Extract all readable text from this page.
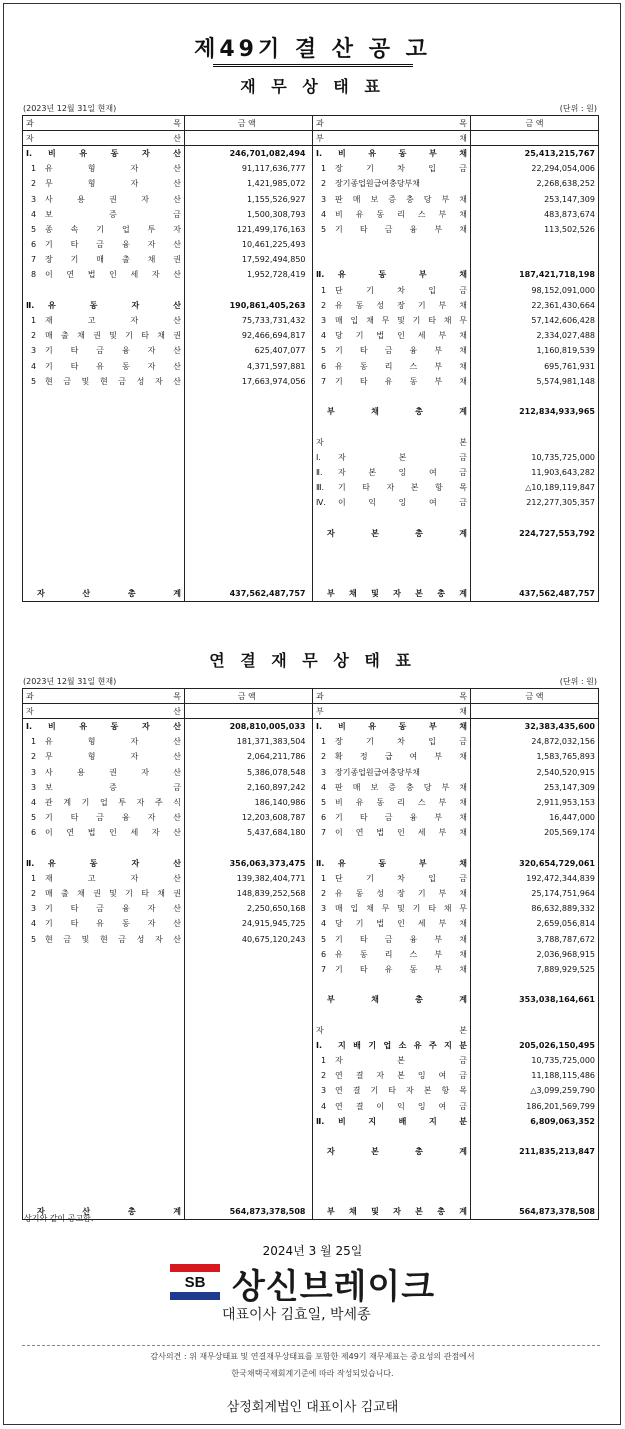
제49기 결 산 공 고
재 무 상 태 표
(2023년 12월 31일 현재)	(단위 : 원)
과 목	금 액		과 목	금 액
자 산			부 채	

Ⅰ. 비 유 동 자 산	246,701,082,494		Ⅰ. 비 유 동 부 채	25,413,215,767
1 유 형 자 산	91,117,636,777		1 장 기 차 입 금	22,294,054,006
2 무 형 자 산	1,421,985,072		2 장기종업원급여충당부채	2,268,638,252
3 사 용 권 자 산	1,155,526,927		3 판 매 보 증 충 당 부 채	253,147,309
4 보 증 금	1,500,308,793		4 비 유 동 리 스 부 채	483,873,674
5 종 속 기 업 투 자	121,499,176,163		5 기 타 금 융 부 채	113,502,526
6 기 타 금 융 자 산	10,461,225,493			
7 장 기 매 출 채 권	17,592,494,850			
8 이 연 법 인 세 자 산	1,952,728,419		Ⅱ. 유 동 부 채	187,421,718,198
			1 단 기 차 입 금	98,152,091,000
Ⅱ. 유 동 자 산	190,861,405,263		2 유 동 성 장 기 부 채	22,361,430,664
1 재 고 자 산	75,733,731,432		3 매 입 채 무 및 기 타 채 무	57,142,606,428
2 매 출 채 권 및 기 타 채 권	92,466,694,817		4 당 기 법 인 세 부 채	2,334,027,488
3 기 타 금 융 자 산	625,407,077		5 기 타 금 융 부 채	1,160,819,539
4 기 타 유 동 자 산	4,371,597,881		6 유 동 리 스 부 채	695,761,931
5 현 금 및 현 금 성 자 산	17,663,974,056		7 기 타 유 동 부 채	5,574,981,148

			부 채 총 계	212,834,933,965

			자 본	

			Ⅰ. 자 본 금	10,735,725,000
			Ⅱ. 자 본 잉 여 금	11,903,643,282
			Ⅲ. 기 타 자 본 항 목	△10,189,119,847
			Ⅳ. 이 익 잉 여 금	212,277,305,357

			자 본 총 계	224,727,553,792

자 산 총 계	437,562,487,757		부 채 및 자 본 총 계	437,562,487,757
연 결 재 무 상 태 표
(2023년 12월 31일 현재)	(단위 : 원)
과 목	금 액		과 목	금 액
자 산			부 채	

Ⅰ. 비 유 동 자 산	208,810,005,033		Ⅰ. 비 유 동 부 채	32,383,435,600
1 유 형 자 산	181,371,383,504		1 장 기 차 입 금	24,872,032,156
2 무 형 자 산	2,064,211,786		2 확 정 급 여 부 채	1,583,765,893
3 사 용 권 자 산	5,386,078,548		3 장기종업원급여충당부채	2,540,520,915
3 보 증 금	2,160,897,242		4 판 매 보 증 충 당 부 채	253,147,309
4 관 계 기 업 투 자 주 식	186,140,986		5 비 유 동 리 스 부 채	2,911,953,153
5 기 타 금 융 자 산	12,203,608,787		6 기 타 금 융 부 채	16,447,000
6 이 연 법 인 세 자 산	5,437,684,180		7 이 연 법 인 세 부 채	205,569,174

Ⅱ. 유 동 자 산	356,063,373,475		Ⅱ. 유 동 부 채	320,654,729,061
1 재 고 자 산	139,382,404,771		1 단 기 차 입 금	192,472,344,839
2 매 출 채 권 및 기 타 채 권	148,839,252,568		2 유 동 성 장 기 부 채	25,174,751,964
3 기 타 금 융 자 산	2,250,650,168		3 매 입 채 무 및 기 타 채 무	86,632,889,332
4 기 타 유 동 자 산	24,915,945,725		4 당 기 법 인 세 부 채	2,659,056,814
5 현 금 및 현 금 성 자 산	40,675,120,243		5 기 타 금 융 부 채	3,788,787,672
			6 유 동 리 스 부 채	2,036,968,915
			7 기 타 유 동 부 채	7,889,929,525

			부 채 총 계	353,038,164,661

			자 본	

			Ⅰ. 지 배 기 업 소 유 주 지 분	205,026,150,495
			1 자 본 금	10,735,725,000
			2 연 결 자 본 잉 여 금	11,188,115,486
			3 연 결 기 타 자 본 항 목	△3,099,259,790
			4 연 결 이 익 잉 여 금	186,201,569,799
			Ⅱ. 비 지 배 지 분	6,809,063,352

			자 본 총 계	211,835,213,847

자 산 총 계	564,873,378,508		부 채 및 자 본 총 계	564,873,378,508
상기와 같이 공고함.
2024년 3 월 25일
SB 상신브레이크
대표이사 김효일, 박세종
감사의견 : 위 재무상태표 및 연결재무상태표를 포함한 제49기 재무제표는 중요성의 관점에서
한국채택국제회계기준에 따라 작성되었습니다.
삼정회계법인 대표이사 김교태
